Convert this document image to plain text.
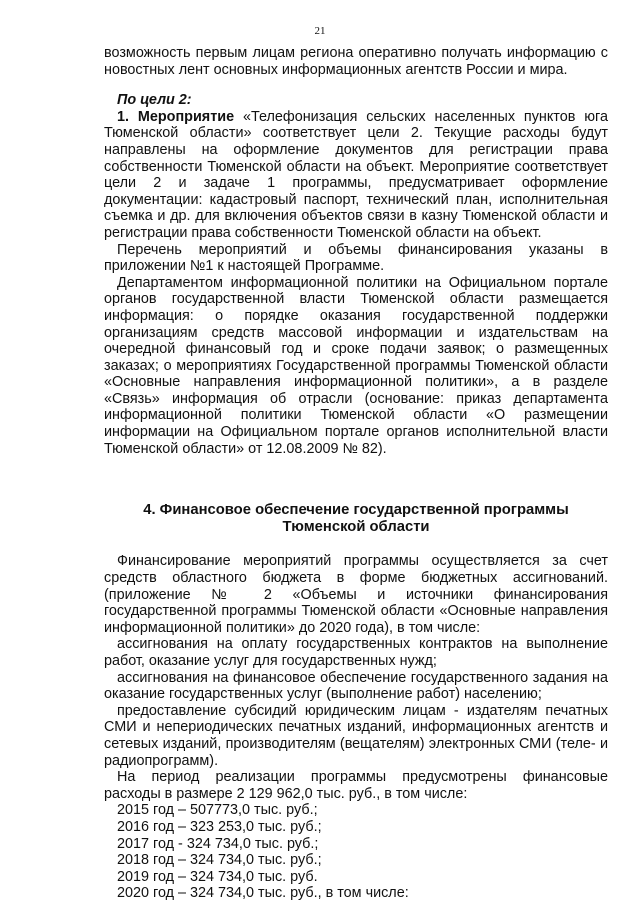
21

возможность первым лицам региона оперативно получать информацию с новостных лент основных информационных агентств России и мира.

По цели 2:

1. Мероприятие «Телефонизация сельских населенных пунктов юга Тюменской области» соответствует цели 2. Текущие расходы будут направлены на оформление документов для регистрации права собственности Тюменской области на объект. Мероприятие соответствует цели 2 и задаче 1 программы, предусматривает оформление документации: кадастровый паспорт, технический план, исполнительная съемка и др. для включения объектов связи в казну Тюменской области и регистрации права собственности Тюменской области на объект.

Перечень мероприятий и объемы финансирования указаны в приложении №1 к настоящей Программе.

Департаментом информационной политики на Официальном портале органов государственной власти Тюменской области размещается информация: о порядке оказания государственной поддержки организациям средств массовой информации и издательствам на очередной финансовый год и сроке подачи заявок; о размещенных заказах; о мероприятиях Государственной программы Тюменской области «Основные направления информационной политики», а в разделе «Связь» информация об отрасли (основание: приказ департамента информационной политики Тюменской области «О размещении информации на Официальном портале органов исполнительной власти Тюменской области» от 12.08.2009 № 82).

4. Финансовое обеспечение государственной программы Тюменской области

Финансирование мероприятий программы осуществляется за счет средств областного бюджета в форме бюджетных ассигнований. (приложение № 2 «Объемы и источники финансирования государственной программы Тюменской области «Основные направления информационной политики» до 2020 года), в том числе:

ассигнования на оплату государственных контрактов на выполнение работ, оказание услуг для государственных нужд;

ассигнования на финансовое обеспечение государственного задания на оказание государственных услуг (выполнение работ) населению;

предоставление субсидий юридическим лицам - издателям печатных СМИ и непериодических печатных изданий, информационных агентств и сетевых изданий, производителям (вещателям) электронных СМИ (теле- и радиопрограмм).

На период реализации программы предусмотрены финансовые расходы в размере 2 129 962,0 тыс. руб., в том числе:

2015 год – 507773,0 тыс. руб.;
2016 год – 323 253,0 тыс. руб.;
2017 год - 324 734,0 тыс. руб.;
2018 год – 324 734,0 тыс. руб.;
2019 год – 324 734,0 тыс. руб.
2020 год – 324 734,0 тыс. руб., в том числе:
